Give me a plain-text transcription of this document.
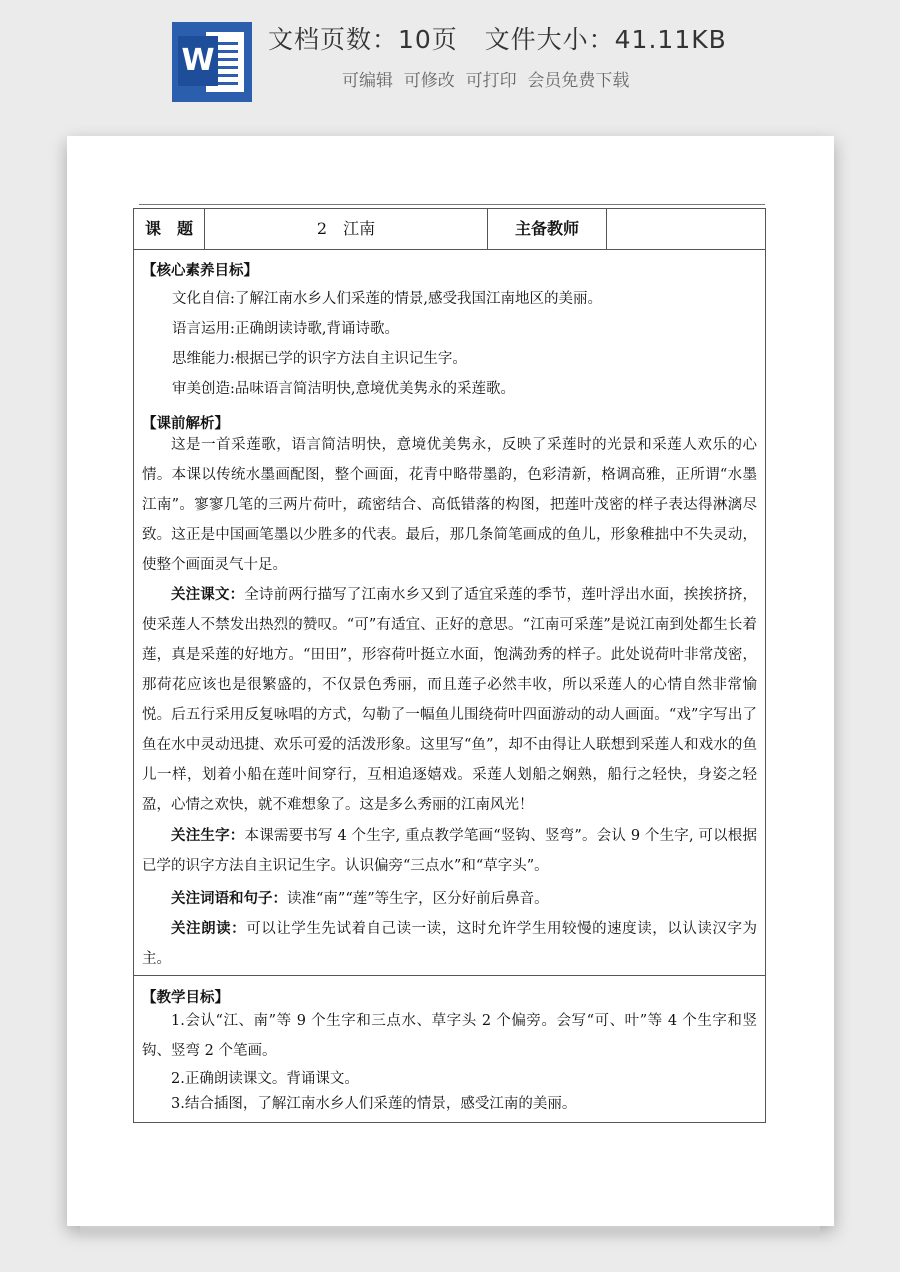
W
文档页数：10页   文件大小：41.11KB
可编辑  可修改  可打印  会员免费下载
课　题	2　江南	主备教师
【核心素养目标】
文化自信:了解江南水乡人们采莲的情景,感受我国江南地区的美丽。
语言运用:正确朗读诗歌,背诵诗歌。
思维能力:根据已学的识字方法自主识记生字。
审美创造:品味语言简洁明快,意境优美隽永的采莲歌。
【课前解析】
这是一首采莲歌，语言简洁明快，意境优美隽永，反映了采莲时的光景和采莲人欢乐的心情。本课以传统水墨画配图，整个画面，花青中略带墨韵，色彩清新，格调高雅，正所谓“水墨江南”。寥寥几笔的三两片荷叶，疏密结合、高低错落的构图，把莲叶茂密的样子表达得淋漓尽致。这正是中国画笔墨以少胜多的代表。最后，那几条简笔画成的鱼儿，形象稚拙中不失灵动，使整个画面灵气十足。
关注课文：全诗前两行描写了江南水乡又到了适宜采莲的季节，莲叶浮出水面，挨挨挤挤，使采莲人不禁发出热烈的赞叹。“可”有适宜、正好的意思。“江南可采莲”是说江南到处都生长着莲，真是采莲的好地方。“田田”，形容荷叶挺立水面，饱满劲秀的样子。此处说荷叶非常茂密，那荷花应该也是很繁盛的，不仅景色秀丽，而且莲子必然丰收，所以采莲人的心情自然非常愉悦。后五行采用反复咏唱的方式，勾勒了一幅鱼儿围绕荷叶四面游动的动人画面。“戏”字写出了鱼在水中灵动迅捷、欢乐可爱的活泼形象。这里写“鱼”，却不由得让人联想到采莲人和戏水的鱼儿一样，划着小船在莲叶间穿行，互相追逐嬉戏。采莲人划船之娴熟，船行之轻快，身姿之轻盈，心情之欢快，就不难想象了。这是多么秀丽的江南风光！
关注生字：本课需要书写 4 个生字, 重点教学笔画“竖钩、竖弯”。会认 9 个生字, 可以根据已学的识字方法自主识记生字。认识偏旁“三点水”和“草字头”。
关注词语和句子：读准“南”“莲”等生字，区分好前后鼻音。
关注朗读：可以让学生先试着自己读一读，这时允许学生用较慢的速度读，以认读汉字为主。
【教学目标】
1.会认“江、南”等 9 个生字和三点水、草字头 2 个偏旁。会写“可、叶”等 4 个生字和竖钩、竖弯 2 个笔画。
2.正确朗读课文。背诵课文。
3.结合插图，了解江南水乡人们采莲的情景，感受江南的美丽。
